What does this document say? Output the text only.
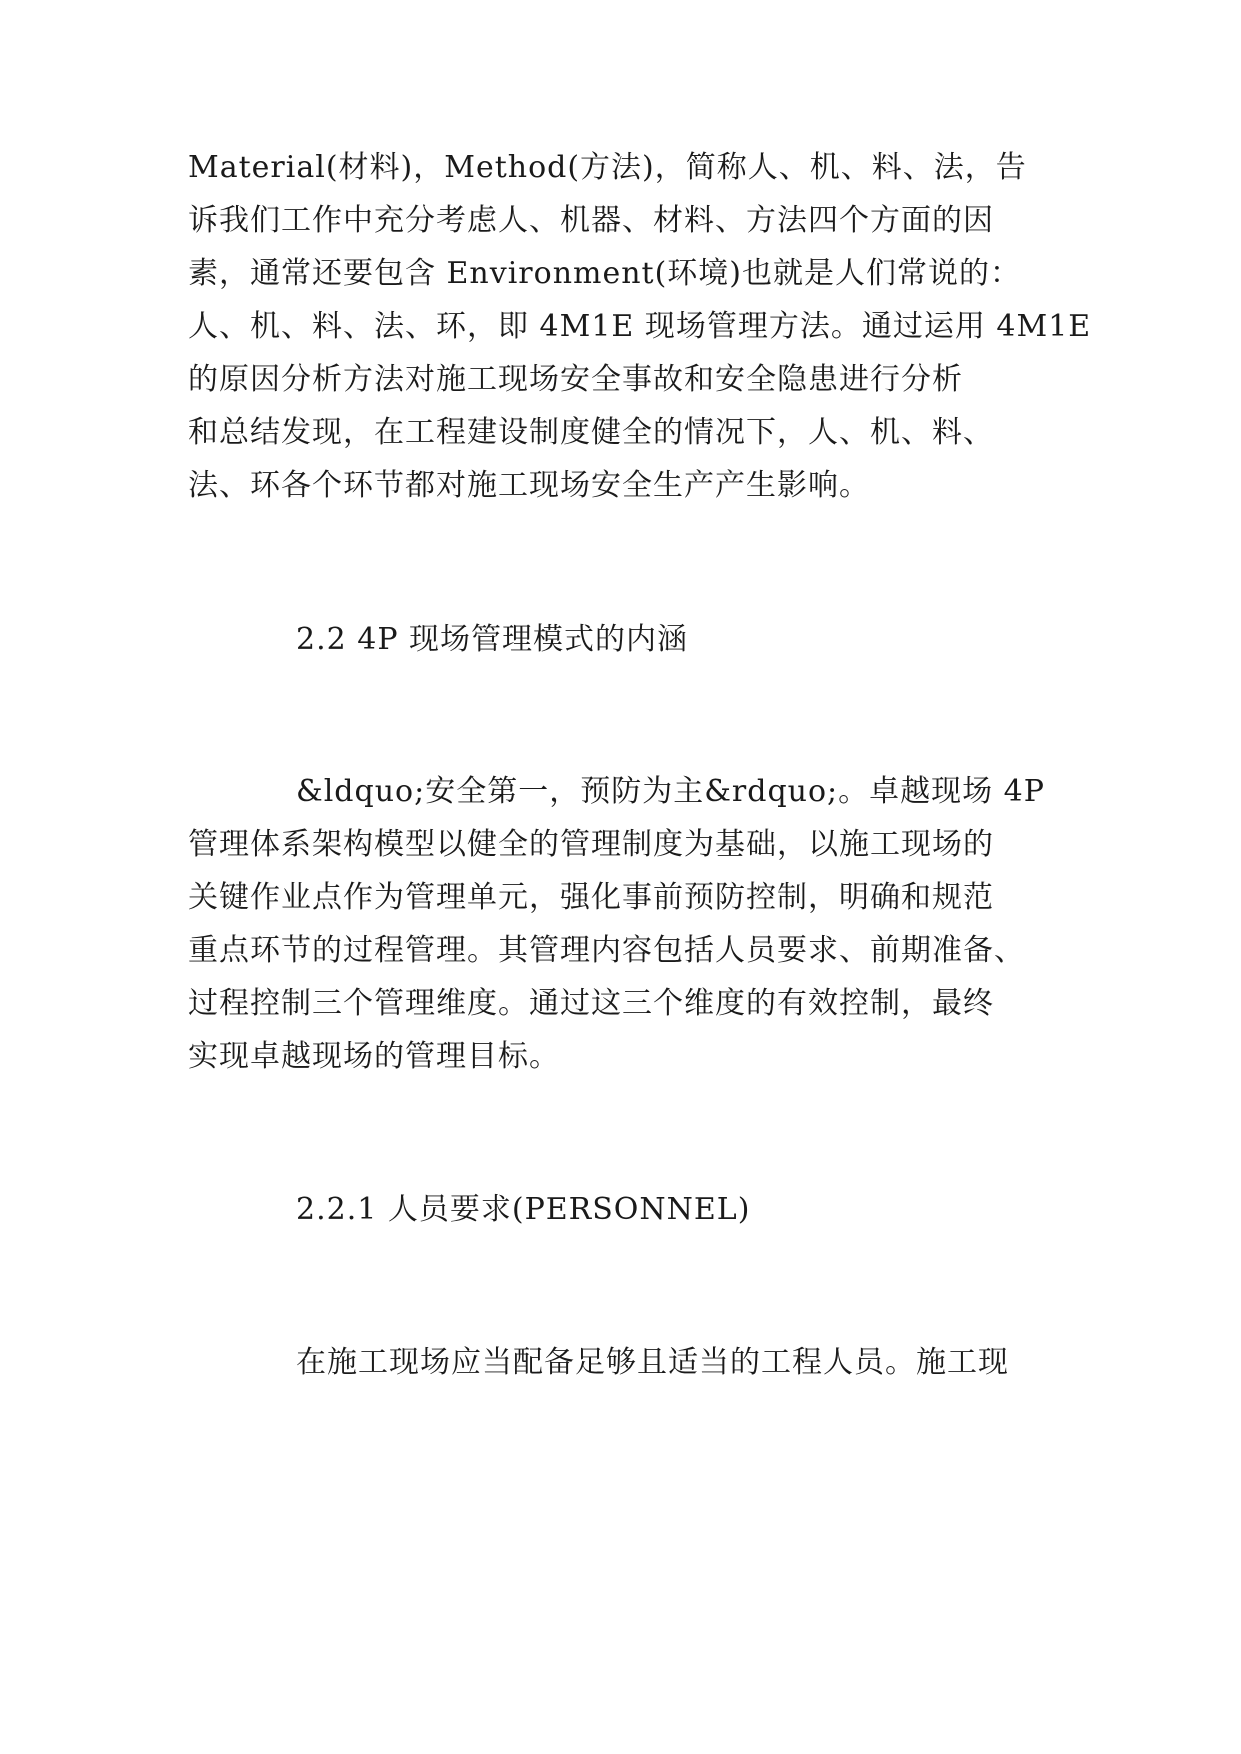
Material(材料)，Method(方法)，简称人、机、料、法，告
诉我们工作中充分考虑人、机器、材料、方法四个方面的因
素，通常还要包含 Environment(环境)也就是人们常说的：
人、机、料、法、环，即 4M1E 现场管理方法。通过运用 4M1E
的原因分析方法对施工现场安全事故和安全隐患进行分析
和总结发现，在工程建设制度健全的情况下，人、机、料、
法、环各个环节都对施工现场安全生产产生影响。
2.2 4P 现场管理模式的内涵
&ldquo;安全第一，预防为主&rdquo;。卓越现场 4P
管理体系架构模型以健全的管理制度为基础，以施工现场的
关键作业点作为管理单元，强化事前预防控制，明确和规范
重点环节的过程管理。其管理内容包括人员要求、前期准备、
过程控制三个管理维度。通过这三个维度的有效控制，最终
实现卓越现场的管理目标。
2.2.1 人员要求(PERSONNEL)
在施工现场应当配备足够且适当的工程人员。施工现
